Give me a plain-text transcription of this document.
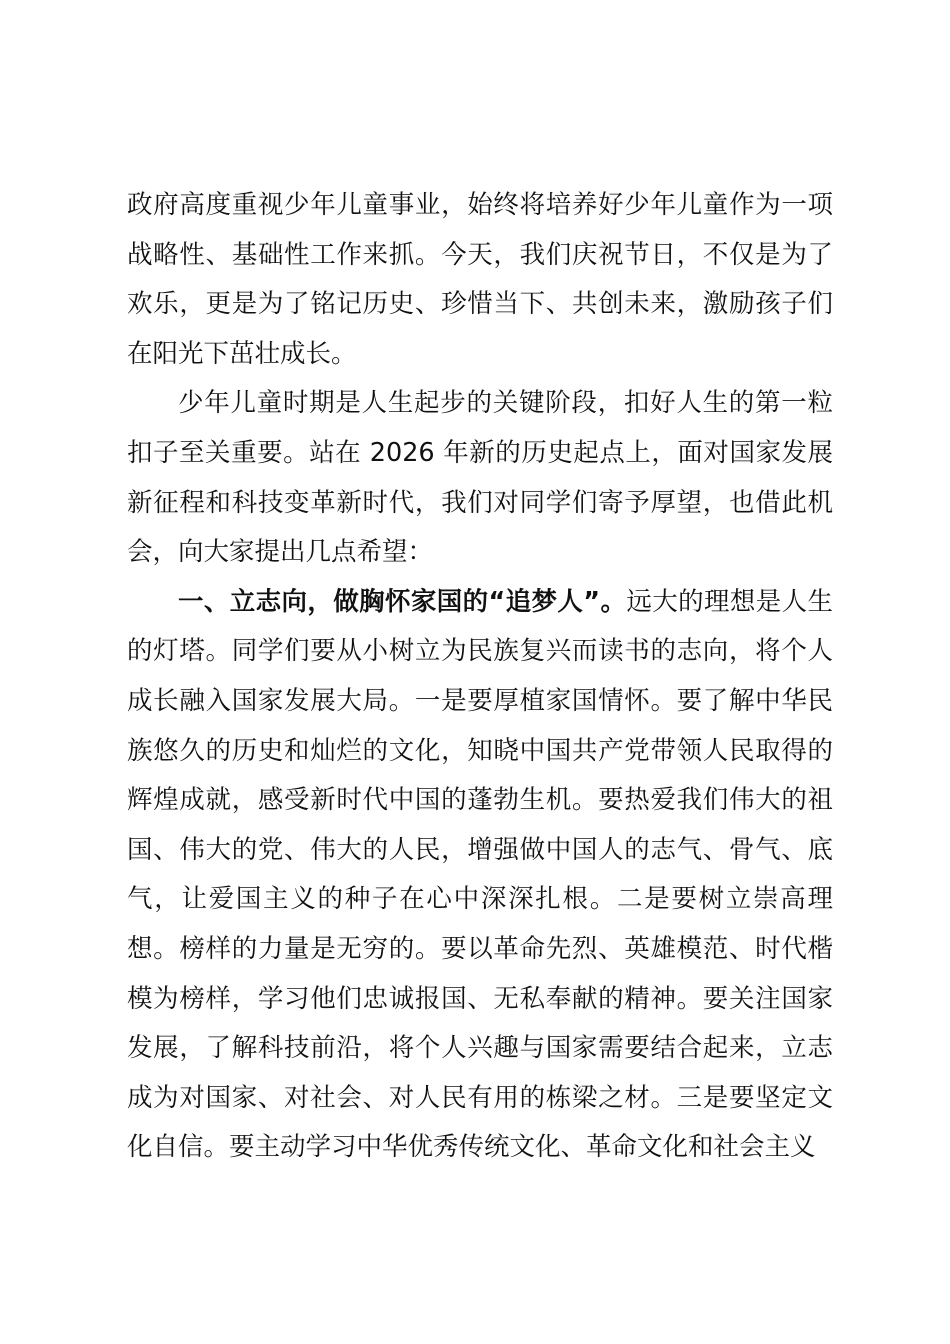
政府高度重视少年儿童事业，始终将培养好少年儿童作为一项战略性、基础性工作来抓。今天，我们庆祝节日，不仅是为了欢乐，更是为了铭记历史、珍惜当下、共创未来，激励孩子们在阳光下茁壮成长。

少年儿童时期是人生起步的关键阶段，扣好人生的第一粒扣子至关重要。站在 2026 年新的历史起点上，面对国家发展新征程和科技变革新时代，我们对同学们寄予厚望，也借此机会，向大家提出几点希望：

一、立志向，做胸怀家国的“追梦人”。远大的理想是人生的灯塔。同学们要从小树立为民族复兴而读书的志向，将个人成长融入国家发展大局。一是要厚植家国情怀。要了解中华民族悠久的历史和灿烂的文化，知晓中国共产党带领人民取得的辉煌成就，感受新时代中国的蓬勃生机。要热爱我们伟大的祖国、伟大的党、伟大的人民，增强做中国人的志气、骨气、底气，让爱国主义的种子在心中深深扎根。二是要树立崇高理想。榜样的力量是无穷的。要以革命先烈、英雄模范、时代楷模为榜样，学习他们忠诚报国、无私奉献的精神。要关注国家发展，了解科技前沿，将个人兴趣与国家需要结合起来，立志成为对国家、对社会、对人民有用的栋梁之材。三是要坚定文化自信。要主动学习中华优秀传统文化、革命文化和社会主义
